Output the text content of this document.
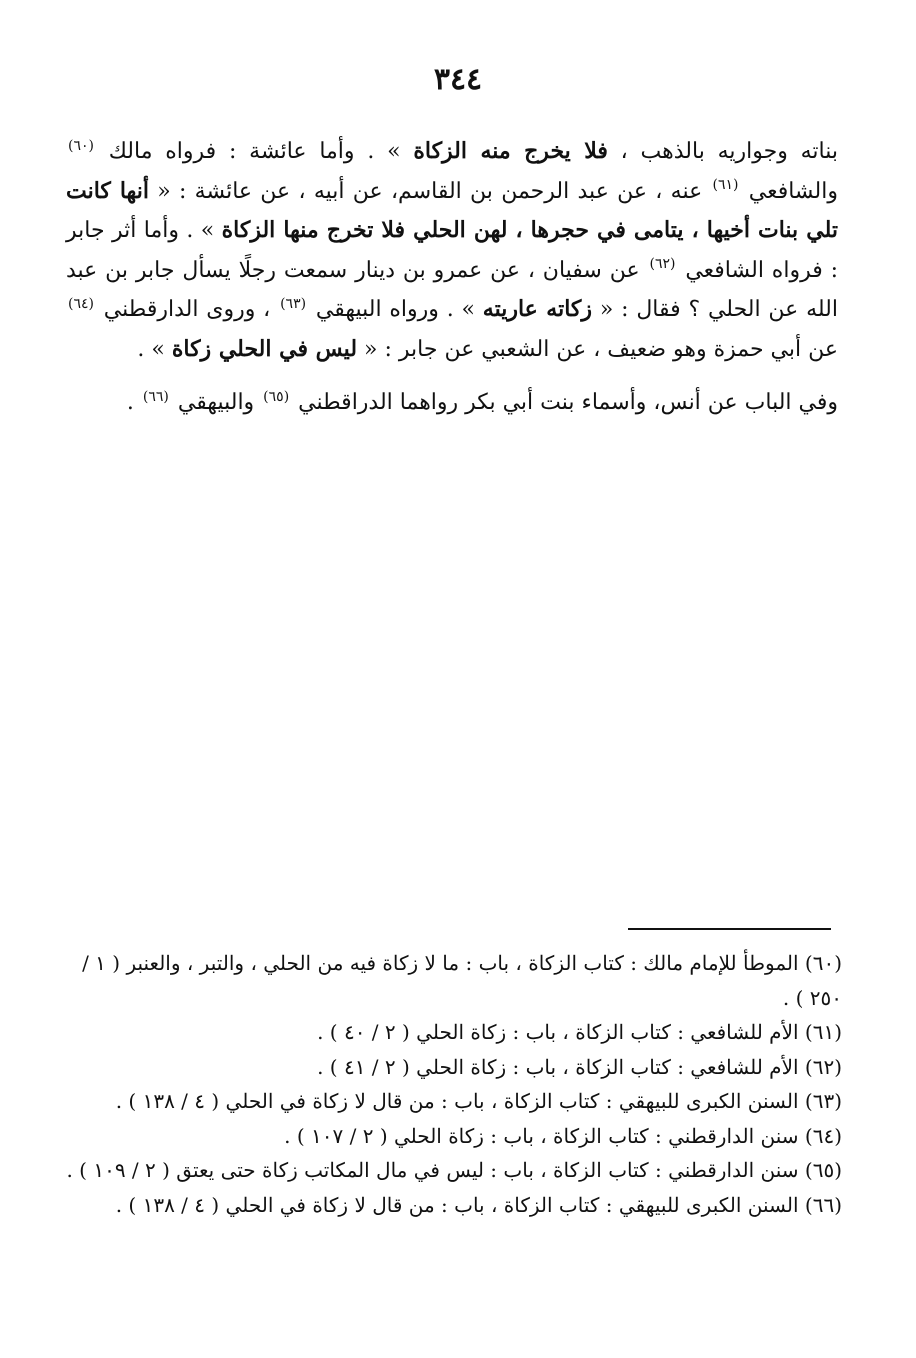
٣٤٤

بناته وجواريه بالذهب ، فلا يخرج منه الزكاة » . وأما عائشة : فرواه مالك $^{(٦٠)}$ والشافعي $^{(٦١)}$ عنه ، عن عبد الرحمن بن القاسم، عن أبيه ، عن عائشة : « أنها كانت تلي بنات أخيها ، يتامى في حجرها ، لهن الحلي فلا تخرج منها الزكاة » . وأما أثر جابر : فرواه الشافعي $^{(٦٢)}$ عن سفيان ، عن عمرو بن دينار سمعت رجلًا يسأل جابر بن عبد الله عن الحلي ؟ فقال : « زكاته عاريته » . ورواه البيهقي $^{(٦٣)}$ ، وروى الدارقطني $^{(٦٤)}$ عن أبي حمزة وهو ضعيف ، عن الشعبي عن جابر : « ليس في الحلي زكاة » .

وفي الباب عن أنس، وأسماء بنت أبي بكر رواهما الدراقطني $^{(٦٥)}$ والبيهقي $^{(٦٦)}$ .

(٦٠) الموطأ للإمام مالك : كتاب الزكاة ، باب : ما لا زكاة فيه من الحلي ، والتبر ، والعنبر ( ١ / ٢٥٠ ) .

(٦١) الأم للشافعي : كتاب الزكاة ، باب : زكاة الحلي ( ٢ / ٤٠ ) .

(٦٢) الأم للشافعي : كتاب الزكاة ، باب : زكاة الحلي ( ٢ / ٤١ ) .

(٦٣) السنن الكبرى للبيهقي : كتاب الزكاة ، باب : من قال لا زكاة في الحلي ( ٤ / ١٣٨ ) .

(٦٤) سنن الدارقطني : كتاب الزكاة ، باب : زكاة الحلي ( ٢ / ١٠٧ ) .

(٦٥) سنن الدارقطني : كتاب الزكاة ، باب : ليس في مال المكاتب زكاة حتى يعتق ( ٢ / ١٠٩ ) .

(٦٦) السنن الكبرى للبيهقي : كتاب الزكاة ، باب : من قال لا زكاة في الحلي ( ٤ / ١٣٨ ) .
